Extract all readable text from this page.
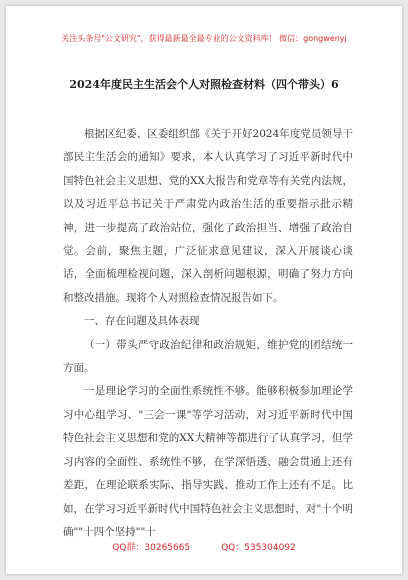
关注头条号"公文研究"，获得最新最全最专业的公文资料库！ 微信：gongwenyj
2024年度民主生活会个人对照检查材料（四个带头）6

根据区纪委、区委组织部《关于开好2024年度党员领导干部民主生活会的通知》要求，本人认真学习了习近平新时代中国特色社会主义思想、党的XX大报告和党章等有关党内法规，以及习近平总书记关于严肃党内政治生活的重要指示批示精神，进一步提高了政治站位，强化了政治担当、增强了政治自觉。会前，聚焦主题，广泛征求意见建议，深入开展谈心谈话，全面梳理检视问题，深入剖析问题根源，明确了努力方向和整改措施。现将个人对照检查情况报告如下。

一、存在问题及具体表现

（一）带头严守政治纪律和政治规矩，维护党的团结统一方面。

一是理论学习的全面性系统性不够。能够积极参加理论学习中心组学习、"三会一课"等学习活动，对习近平新时代中国特色社会主义思想和党的XX大精神等都进行了认真学习，但学习内容的全面性、系统性不够，在学深悟透、融会贯通上还有差距，在理论联系实际、指导实践、推动工作上还有不足。比如，在学习习近平新时代中国特色社会主义思想时，对"十个明确""十四个坚持""十

QQ群：30265665	QQ：535304092
